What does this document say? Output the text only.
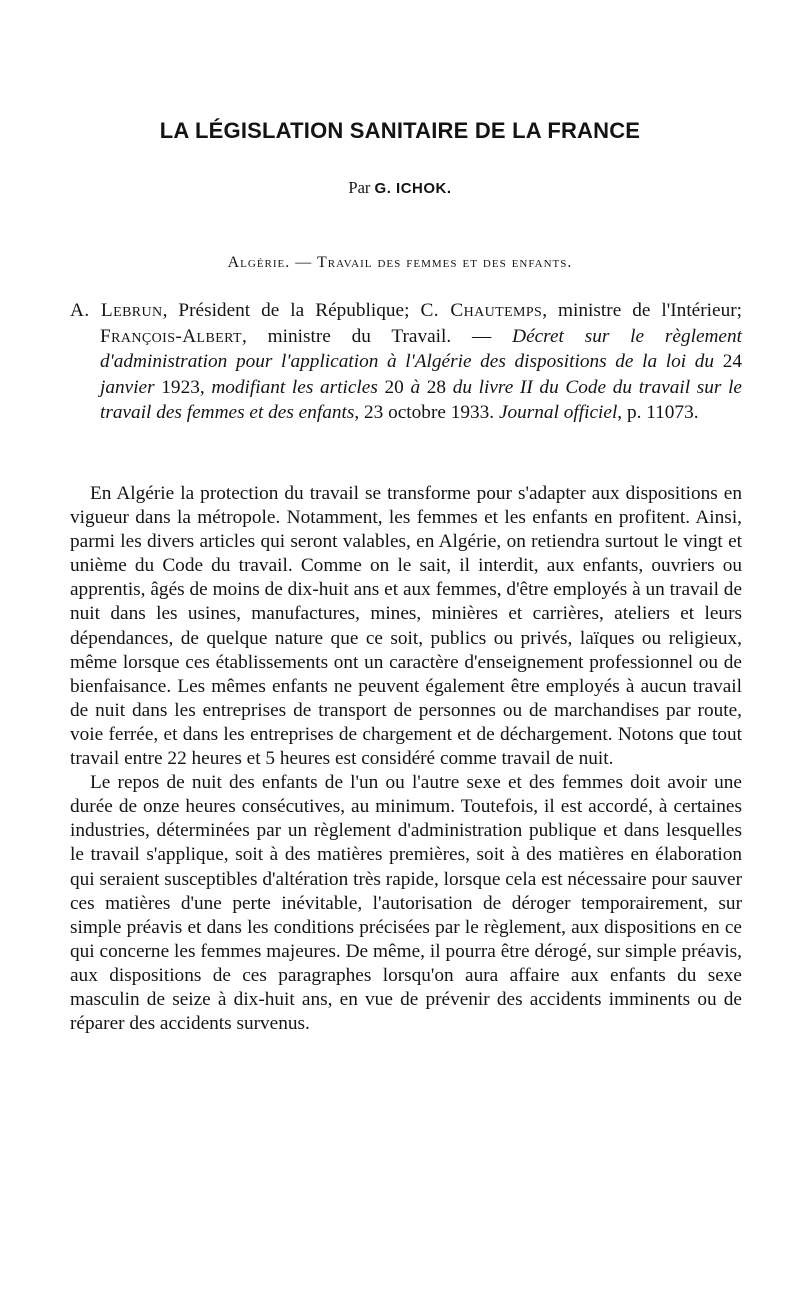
LA LÉGISLATION SANITAIRE DE LA FRANCE
Par G. ICHOK.
Algérie. — Travail des femmes et des enfants.
A. Lebrun, Président de la République; C. Chautemps, ministre de l'Intérieur; François-Albert, ministre du Travail. — Décret sur le règlement d'administration pour l'application à l'Algérie des dispositions de la loi du 24 janvier 1923, modifiant les articles 20 à 28 du livre II du Code du travail sur le travail des femmes et des enfants, 23 octobre 1933. Journal officiel, p. 11073.

En Algérie la protection du travail se transforme pour s'adapter aux dispositions en vigueur dans la métropole. Notamment, les femmes et les enfants en profitent. Ainsi, parmi les divers articles qui seront valables, en Algérie, on retiendra surtout le vingt et unième du Code du travail. Comme on le sait, il interdit, aux enfants, ouvriers ou apprentis, âgés de moins de dix-huit ans et aux femmes, d'être employés à un travail de nuit dans les usines, manufactures, mines, minières et carrières, ateliers et leurs dépendances, de quelque nature que ce soit, publics ou privés, laïques ou religieux, même lorsque ces établissements ont un caractère d'enseignement professionnel ou de bienfaisance. Les mêmes enfants ne peuvent également être employés à aucun travail de nuit dans les entreprises de transport de personnes ou de marchandises par route, voie ferrée, et dans les entreprises de chargement et de déchargement. Notons que tout travail entre 22 heures et 5 heures est considéré comme travail de nuit.

Le repos de nuit des enfants de l'un ou l'autre sexe et des femmes doit avoir une durée de onze heures consécutives, au minimum. Toutefois, il est accordé, à certaines industries, déterminées par un règlement d'administration publique et dans lesquelles le travail s'applique, soit à des matières premières, soit à des matières en élaboration qui seraient susceptibles d'altération très rapide, lorsque cela est nécessaire pour sauver ces matières d'une perte inévitable, l'autorisation de déroger temporairement, sur simple préavis et dans les conditions précisées par le règlement, aux dispositions en ce qui concerne les femmes majeures. De même, il pourra être dérogé, sur simple préavis, aux dispositions de ces paragraphes lorsqu'on aura affaire aux enfants du sexe masculin de seize à dix-huit ans, en vue de prévenir des accidents imminents ou de réparer des accidents survenus.
